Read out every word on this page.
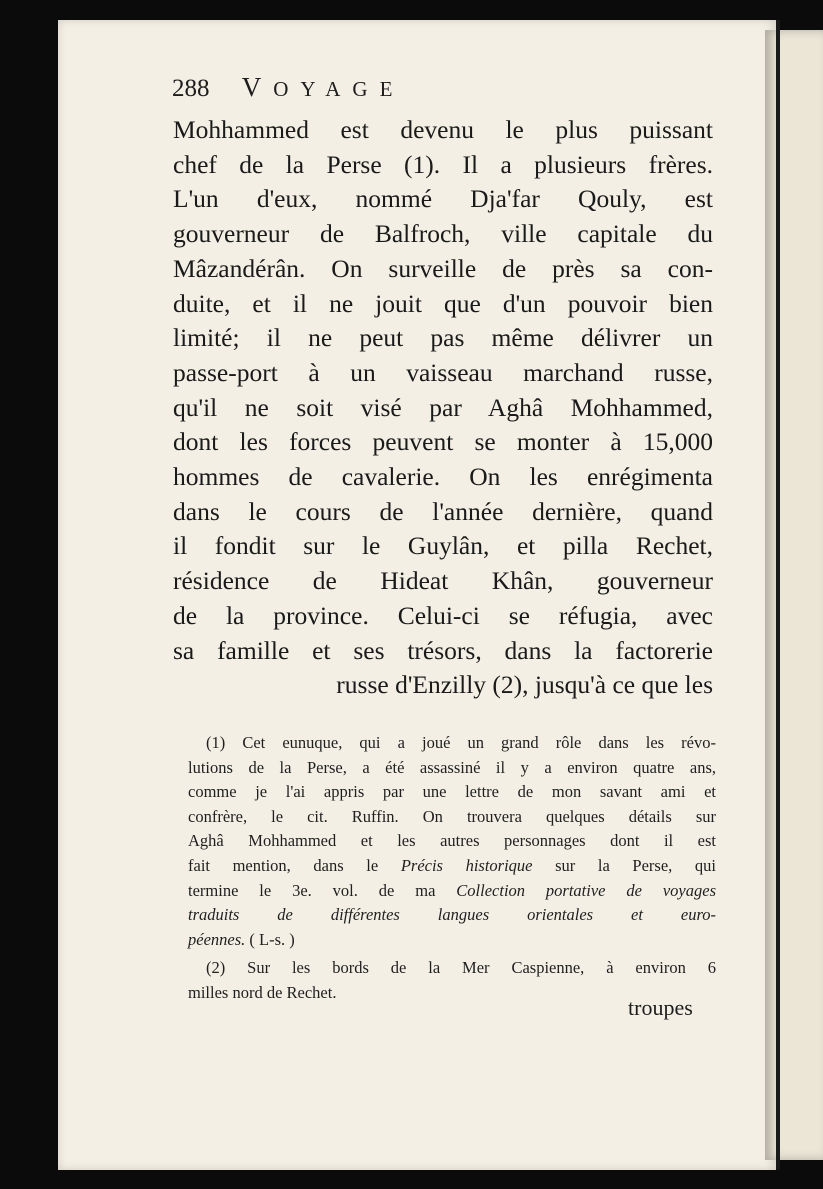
288 VOYAGE
Mohhammed est devenu le plus puissant
chef de la Perse (1). Il a plusieurs frères.
L'un d'eux, nommé Dja'far Qouly, est
gouverneur de Balfroch, ville capitale du
Mâzandérân. On surveille de près sa con-
duite, et il ne jouit que d'un pouvoir bien
limité; il ne peut pas même délivrer un
passe-port à un vaisseau marchand russe,
qu'il ne soit visé par Aghâ Mohhammed,
dont les forces peuvent se monter à 15,000
hommes de cavalerie. On les enrégimenta
dans le cours de l'année dernière, quand
il fondit sur le Guylân, et pilla Rechet,
résidence de Hideat Khân, gouverneur
de la province. Celui-ci se réfugia, avec
sa famille et ses trésors, dans la factorerie
russe d'Enzilly (2), jusqu'à ce que les
(1) Cet eunuque, qui a joué un grand rôle dans les révo-
lutions de la Perse, a été assassiné il y a environ quatre ans,
comme je l'ai appris par une lettre de mon savant ami et
confrère, le cit. Ruffin. On trouvera quelques détails sur
Aghâ Mohhammed et les autres personnages dont il est
fait mention, dans le Précis historique sur la Perse, qui
termine le 3e. vol. de ma Collection portative de voyages
traduits de différentes langues orientales et euro-
péennes. ( L-s. )
(2) Sur les bords de la Mer Caspienne, à environ 6
milles nord de Rechet.
troupes
